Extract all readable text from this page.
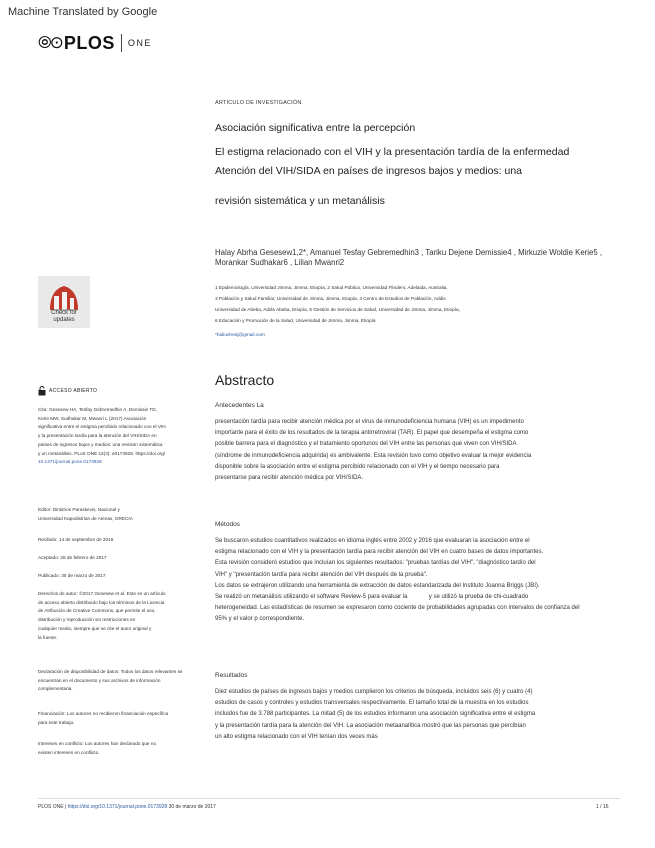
Machine Translated by Google
⦾⊙ PLOS ONE
ARTÍCULO DE INVESTIGACIÓN
Asociación significativa entre la percepción
El estigma relacionado con el VIH y la presentación tardía de la enfermedad
Atención del VIH/SIDA en países de ingresos bajos y medios: una
revisión sistemática y un metanálisis
Halay Abrha Gesesew1,2*, Amanuel Tesfay Gebremedhin3 , Tariku Dejene Demissie4 , Mirkuzie Woldie Kerie5 , Morankar Sudhakar6 , Lilian Mwanri2
1 Epidemiología, Universidad Jimma, Jimma, Etiopía, 2 Salud Pública, Universidad Flinders, Adelaida, Australia,
3 Población y Salud Familiar, Universidad de Jimma, Jimma, Etiopía, 4 Centro de Estudios de Población, Addis
Universidad de Abeba, Addis Abeba, Etiopía, 5 Gestión de Servicios de Salud, Universidad de Jimma, Jimma, Etiopía,
6 Educación y Promoción de la Salud, Universidad de Jimma, Jimma, Etiopía
*haliushesj@gmail.com
Check for updates
ACCESO ABIERTO
Cita: Gesesew HA, Tesfay Gebremedhin A, Demissie TD,
Kerie MW, Sudhakar M, Mwanri L (2017) Asociación
significativa entre el estigma percibido relacionado con el VIH
y la presentación tardía para la atención del VIH/SIDA en
países de ingresos bajos y medios: una revisión sistemática
y un metanálisis. PLoS ONE 12(3): e0173928. https://doi.org/
10.1371/journal.pone.0173928
Editor: Dimitrios Paraskevis, Nacional y
Universidad Kapodistrian de Atenas, GRECIA
Recibido: 14 de septiembre de 2016
Aceptado: 28 de febrero de 2017
Publicado: 30 de marzo de 2017
Derechos de autor: ©2017 Gesesew et al. Este es un artículo
de acceso abierto distribuido bajo los términos de la Licencia
de Atribución de Creative Commons, que permite el uso,
distribución y reproducción sin restricciones en
cualquier medio, siempre que se cite el autor original y
la fuente.
Declaración de disponibilidad de datos: Todos los datos relevantes se
encuentran en el documento y sus archivos de información
complementaria.
Financiación: Los autores no recibieron financiación específica
para este trabajo.
Intereses en conflicto: Los autores han declarado que no
existen intereses en conflicto.
Abstracto
Antecedentes La
presentación tardía para recibir atención médica por el virus de inmunodeficiencia humana (VIH) es un impedimento
importante para el éxito de los resultados de la terapia antirretroviral (TAR). El papel que desempeña el estigma como
posible barrera para el diagnóstico y el tratamiento oportunos del VIH entre las personas que viven con VIH/SIDA
(síndrome de inmunodeficiencia adquirida) es ambivalente. Esta revisión tuvo como objetivo evaluar la mejor evidencia
disponible sobre la asociación entre el estigma percibido relacionado con el VIH y el tiempo necesario para
presentarse para recibir atención médica por VIH/SIDA.
Métodos
Se buscaron estudios cuantitativos realizados en idioma inglés entre 2002 y 2016 que evaluaran la asociación entre el
estigma relacionado con el VIH y la presentación tardía para recibir atención del VIH en cuatro bases de datos importantes.
Esta revisión consideró estudios que incluían los siguientes resultados: "pruebas tardías del VIH", "diagnóstico tardío del
VIH" y "presentación tardía para recibir atención del VIH después de la prueba".
Los datos se extrajeron utilizando una herramienta de extracción de datos estandarizada del Instituto Joanna Briggs (JBI).
Se realizó un metanálisis utilizando el software Review-5 para evaluar la	y se utilizó la prueba de chi-cuadrado
heterogeneidad. Las estadísticas de resumen se expresaron como cociente de probabilidades agrupadas con intervalos de confianza del
95% y el valor p correspondiente.
Resultados
Diez estudios de países de ingresos bajos y medios cumplieron los criterios de búsqueda, incluidos seis (6) y cuatro (4)
estudios de casos y controles y estudios transversales respectivamente. El tamaño total de la muestra en los estudios
incluidos fue de 3.788 participantes. La mitad (5) de los estudios informaron una asociación significativa entre el estigma
y la presentación tardía para la atención del VIH. La asociación metaanalítica mostró que las personas que percibían
un alto estigma relacionado con el VIH tenían dos veces más
PLOS ONE | https://doi.org/10.1371/journal.pone.0173928 30 de marzo de 2017	1 / 16
